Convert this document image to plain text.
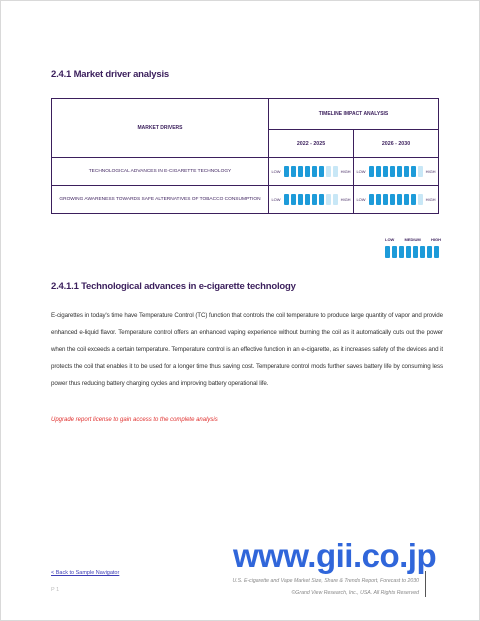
2.4.1 Market driver analysis
MARKET DRIVERS	TIMELINE IMPACT ANALYSIS	
	2022 - 2025	2026 - 2030
TECHNOLOGICAL ADVANCES IN E-CIGARETTE TECHNOLOGY	LOW HIGH	LOW HIGH

GROWING AWARENESS TOWARDS SAFE ALTERNATIVES OF TOBACCO CONSUMPTION	LOW HIGH	LOW HIGH
LOW	MEDIUM	HIGH
2.4.1.1 Technological advances in e-cigarette technology
E-cigarettes in today's time have Temperature Control (TC) function that controls the coil temperature to produce large quantity of vapor and provide enhanced e-liquid flavor. Temperature control offers an enhanced vaping experience without burning the coil as it automatically cuts out the power when the coil exceeds a certain temperature. Temperature control is an effective function in an e-cigarette, as it increases safety of the devices and it protects the coil that enables it to be used for a longer time thus saving cost. Temperature control mods further saves battery life by consuming less power thus reducing battery charging cycles and improving battery operational life.
Upgrade report license to gain access to the complete analysis
< Back to Sample Navigator
P 1
U.S. E-cigarette and Vape Market Size, Share & Trends Report, Forecast to 2030
©Grand View Research, Inc., USA. All Rights Reserved
www.gii.co.jp
